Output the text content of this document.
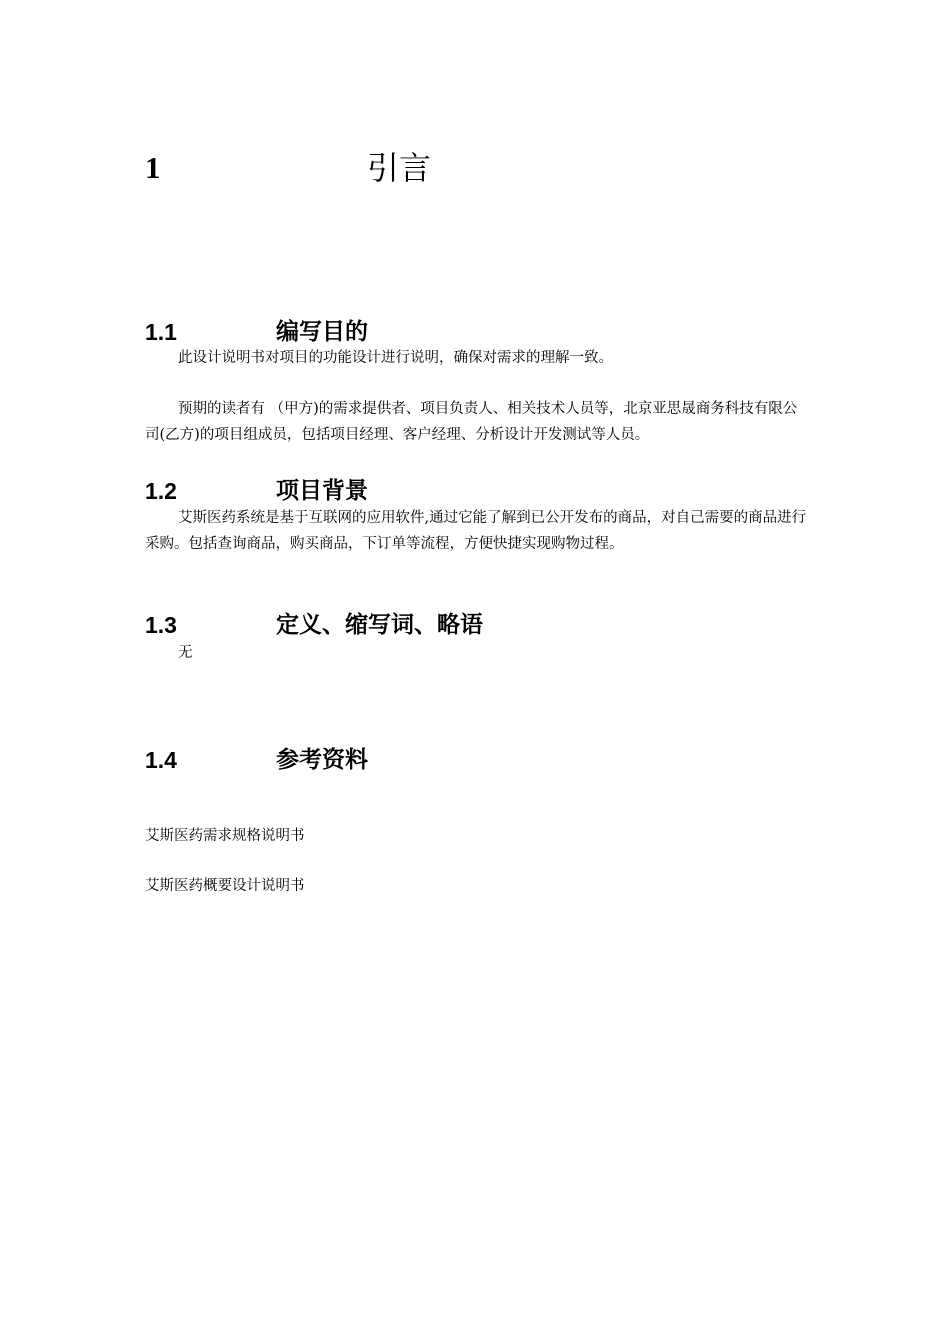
1	引言
1.1	编写目的
此设计说明书对项目的功能设计进行说明，确保对需求的理解一致。
预期的读者有 （甲方)的需求提供者、项目负责人、相关技术人员等，北京亚思晟商务科技有限公司(乙方)的项目组成员，包括项目经理、客户经理、分析设计开发测试等人员。
1.2	项目背景
艾斯医药系统是基于互联网的应用软件,通过它能了解到已公开发布的商品，对自己需要的商品进行采购。包括查询商品，购买商品，下订单等流程，方便快捷实现购物过程。
1.3	定义、缩写词、略语
无
1.4	参考资料
艾斯医药需求规格说明书
艾斯医药概要设计说明书
